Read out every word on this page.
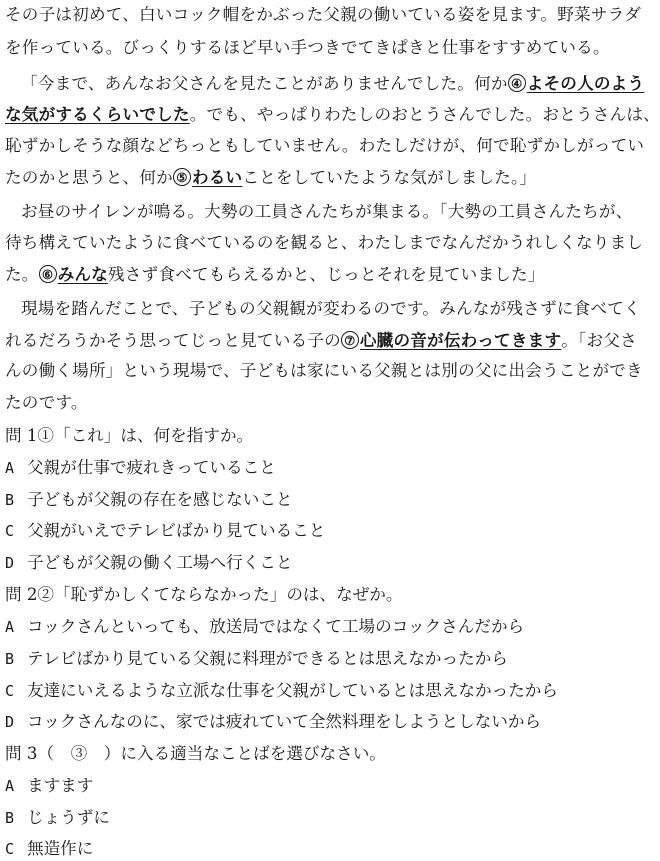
その子は初めて、白いコック帽をかぶった父親の働いている姿を見ます。野菜サラダ
を作っている。びっくりするほど早い手つきでてきぱきと仕事をすすめている。
「今まで、あんなお父さんを見たことがありませんでした。何か ④ よその人のよう
な気がするくらいでした。でも、やっぱりわたしのおとうさんでした。おとうさんは、
恥ずかしそうな顔などちっともしていません。わたしだけが、何で恥ずかしがってい
たのかと思うと、何か ⑤ わるいことをしていたような気がしました。」
お昼のサイレンが鳴る。大勢の工員さんたちが集まる。「大勢の工員さんたちが、
待ち構えていたように食べているのを観ると、わたしまでなんだかうれしくなりまし
た。 ⑥ みんな残さず食べてもらえるかと、じっとそれを見ていました」
現場を踏んだことで、子どもの父親観が変わるのです。みんなが残さずに食べてく
れるだろうかそう思ってじっと見ている子の ⑦ 心臓の音が伝わってきます。「お父さ
んの働く場所」という現場で、子どもは家にいる父親とは別の父に出会うことができ
たのです。
問 1①「これ」は、何を指すか。
A 父親が仕事で疲れきっていること
B 子どもが父親の存在を感じないこと
C 父親がいえでテレビばかり見ていること
D 子どもが父親の働く工場へ行くこと
問 2②「恥ずかしくてならなかった」のは、なぜか。
A コックさんといっても、放送局ではなくて工場のコックさんだから
B テレビばかり見ている父親に料理ができるとは思えなかったから
C 友達にいえるような立派な仕事を父親がしているとは思えなかったから
D コックさんなのに、家では疲れていて全然料理をしようとしないから
問 3（　③　）に入る適当なことばを選びなさい。
A ますます
B じょうずに
C 無造作に
